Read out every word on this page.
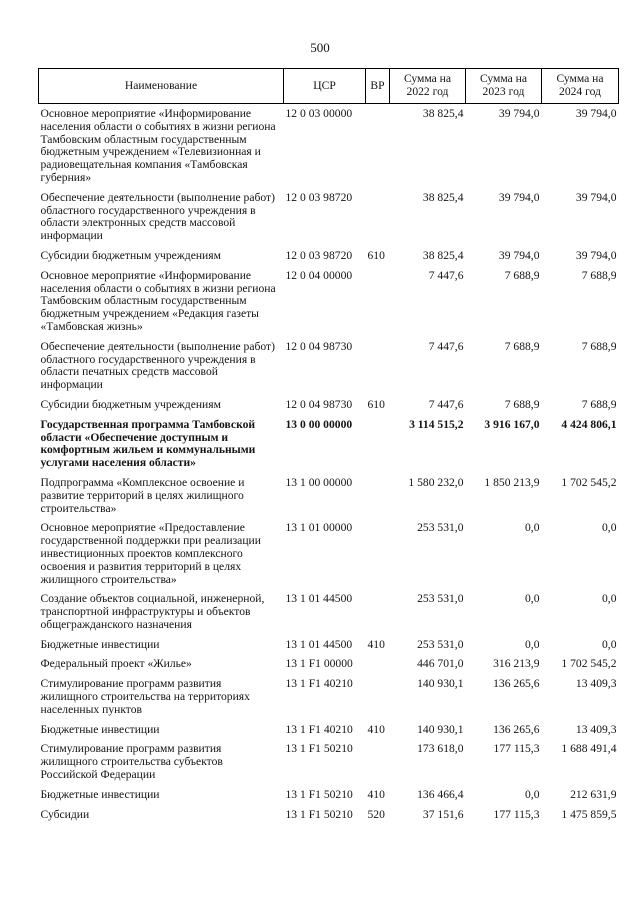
500
Наименование	ЦСР	ВР	Сумма на 2022 год	Сумма на 2023 год	Сумма на 2024 год
Основное мероприятие «Информирование населения области о событиях в жизни региона Тамбовским областным государственным бюджетным учреждением «Телевизионная и радиовещательная компания «Тамбовская губерния»	12 0 03 00000		38 825,4	39 794,0	39 794,0
Обеспечение деятельности (выполнение работ) областного государственного учреждения в области электронных средств массовой информации	12 0 03 98720		38 825,4	39 794,0	39 794,0
Субсидии бюджетным учреждениям	12 0 03 98720	610	38 825,4	39 794,0	39 794,0
Основное мероприятие «Информирование населения области о событиях в жизни региона Тамбовским областным государственным бюджетным учреждением «Редакция газеты «Тамбовская жизнь»	12 0 04 00000		7 447,6	7 688,9	7 688,9
Обеспечение деятельности (выполнение работ) областного государственного учреждения в области печатных средств массовой информации	12 0 04 98730		7 447,6	7 688,9	7 688,9
Субсидии бюджетным учреждениям	12 0 04 98730	610	7 447,6	7 688,9	7 688,9
Государственная программа Тамбовской области «Обеспечение доступным и комфортным жильем и коммунальными услугами населения области»	13 0 00 00000		3 114 515,2	3 916 167,0	4 424 806,1
Подпрограмма «Комплексное освоение и развитие территорий в целях жилищного строительства»	13 1 00 00000		1 580 232,0	1 850 213,9	1 702 545,2
Основное мероприятие «Предоставление государственной поддержки при реализации инвестиционных проектов комплексного освоения и развития территорий в целях жилищного строительства»	13 1 01 00000		253 531,0	0,0	0,0
Создание объектов социальной, инженерной, транспортной инфраструктуры и объектов общегражданского назначения	13 1 01 44500		253 531,0	0,0	0,0
Бюджетные инвестиции	13 1 01 44500	410	253 531,0	0,0	0,0
Федеральный проект «Жилье»	13 1 F1 00000		446 701,0	316 213,9	1 702 545,2
Стимулирование программ развития жилищного строительства на территориях населенных пунктов	13 1 F1 40210		140 930,1	136 265,6	13 409,3
Бюджетные инвестиции	13 1 F1 40210	410	140 930,1	136 265,6	13 409,3
Стимулирование программ развития жилищного строительства субъектов Российской Федерации	13 1 F1 50210		173 618,0	177 115,3	1 688 491,4
Бюджетные инвестиции	13 1 F1 50210	410	136 466,4	0,0	212 631,9
Субсидии	13 1 F1 50210	520	37 151,6	177 115,3	1 475 859,5
